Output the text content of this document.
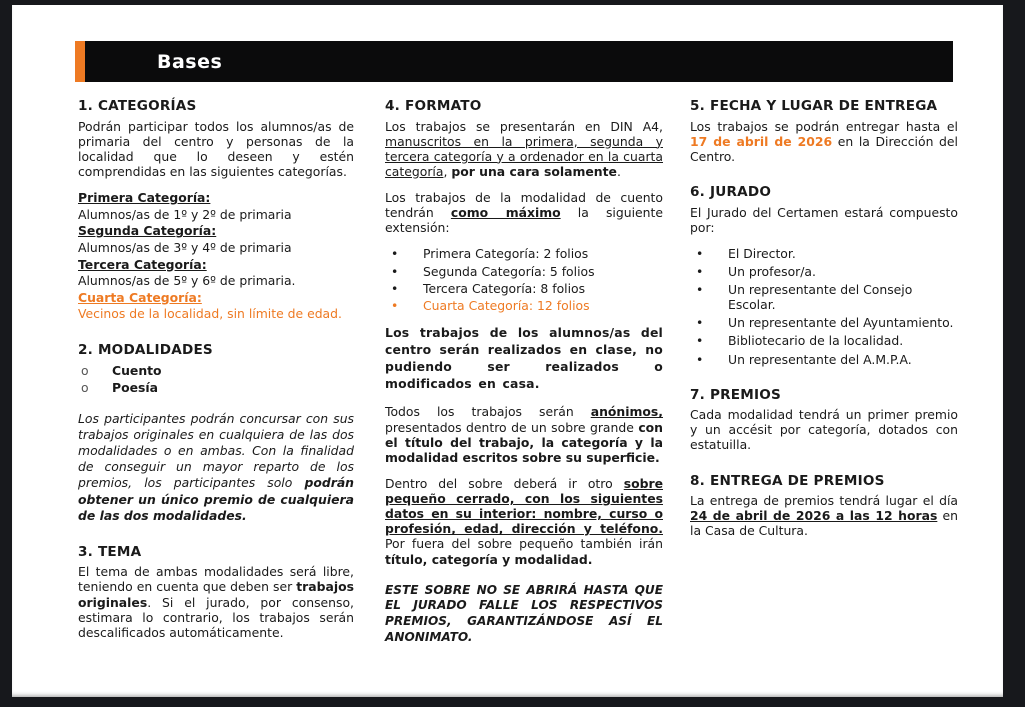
Bases
1. CATEGORÍAS
Podrán participar todos los alumnos/as de primaria del centro y personas de la localidad que lo deseen y estén comprendidas en las siguientes categorías.
Primera Categoría:
Alumnos/as de 1º y 2º de primaria
Segunda Categoría:
Alumnos/as de 3º y 4º de primaria
Tercera Categoría:
Alumnos/as de 5º y 6º de primaria.
Cuarta Categoría:
Vecinos de la localidad, sin límite de edad.
2. MODALIDADES
o	Cuento
o	Poesía
Los participantes podrán concursar con sus trabajos originales en cualquiera de las dos modalidades o en ambas. Con la finalidad de conseguir un mayor reparto de los premios, los participantes solo podrán obtener un único premio de cualquiera de las dos modalidades.
3. TEMA
El tema de ambas modalidades será libre, teniendo en cuenta que deben ser trabajos originales. Si el jurado, por consenso, estimara lo contrario, los trabajos serán descalificados automáticamente.
4. FORMATO
Los trabajos se presentarán en DIN A4, manuscritos en la primera, segunda y tercera categoría y a ordenador en la cuarta categoría, por una cara solamente.
Los trabajos de la modalidad de cuento tendrán como máximo la siguiente extensión:
•	Primera Categoría: 2 folios
•	Segunda Categoría: 5 folios
•	Tercera Categoría: 8 folios
•	Cuarta Categoría: 12 folios
Los trabajos de los alumnos/as del centro serán realizados en clase, no pudiendo ser realizados o modificados en casa.
Todos los trabajos serán anónimos, presentados dentro de un sobre grande con el título del trabajo, la categoría y la modalidad escritos sobre su superficie.
Dentro del sobre deberá ir otro sobre pequeño cerrado, con los siguientes datos en su interior: nombre, curso o profesión, edad, dirección y teléfono. Por fuera del sobre pequeño también irán título, categoría y modalidad.
ESTE SOBRE NO SE ABRIRÁ HASTA QUE EL JURADO FALLE LOS RESPECTIVOS PREMIOS, GARANTIZÁNDOSE ASÍ EL ANONIMATO.
5. FECHA Y LUGAR DE ENTREGA
Los trabajos se podrán entregar hasta el 17 de abril de 2026 en la Dirección del Centro.
6. JURADO
El Jurado del Certamen estará compuesto por:
•	El Director.
•	Un profesor/a.
•	Un representante del Consejo Escolar.
•	Un representante del Ayuntamiento.
•	Bibliotecario de la localidad.
•	Un representante del A.M.P.A.
7. PREMIOS
Cada modalidad tendrá un primer premio y un accésit por categoría, dotados con estatuilla.
8. ENTREGA DE PREMIOS
La entrega de premios tendrá lugar el día 24 de abril de 2026 a las 12 horas en la Casa de Cultura.
